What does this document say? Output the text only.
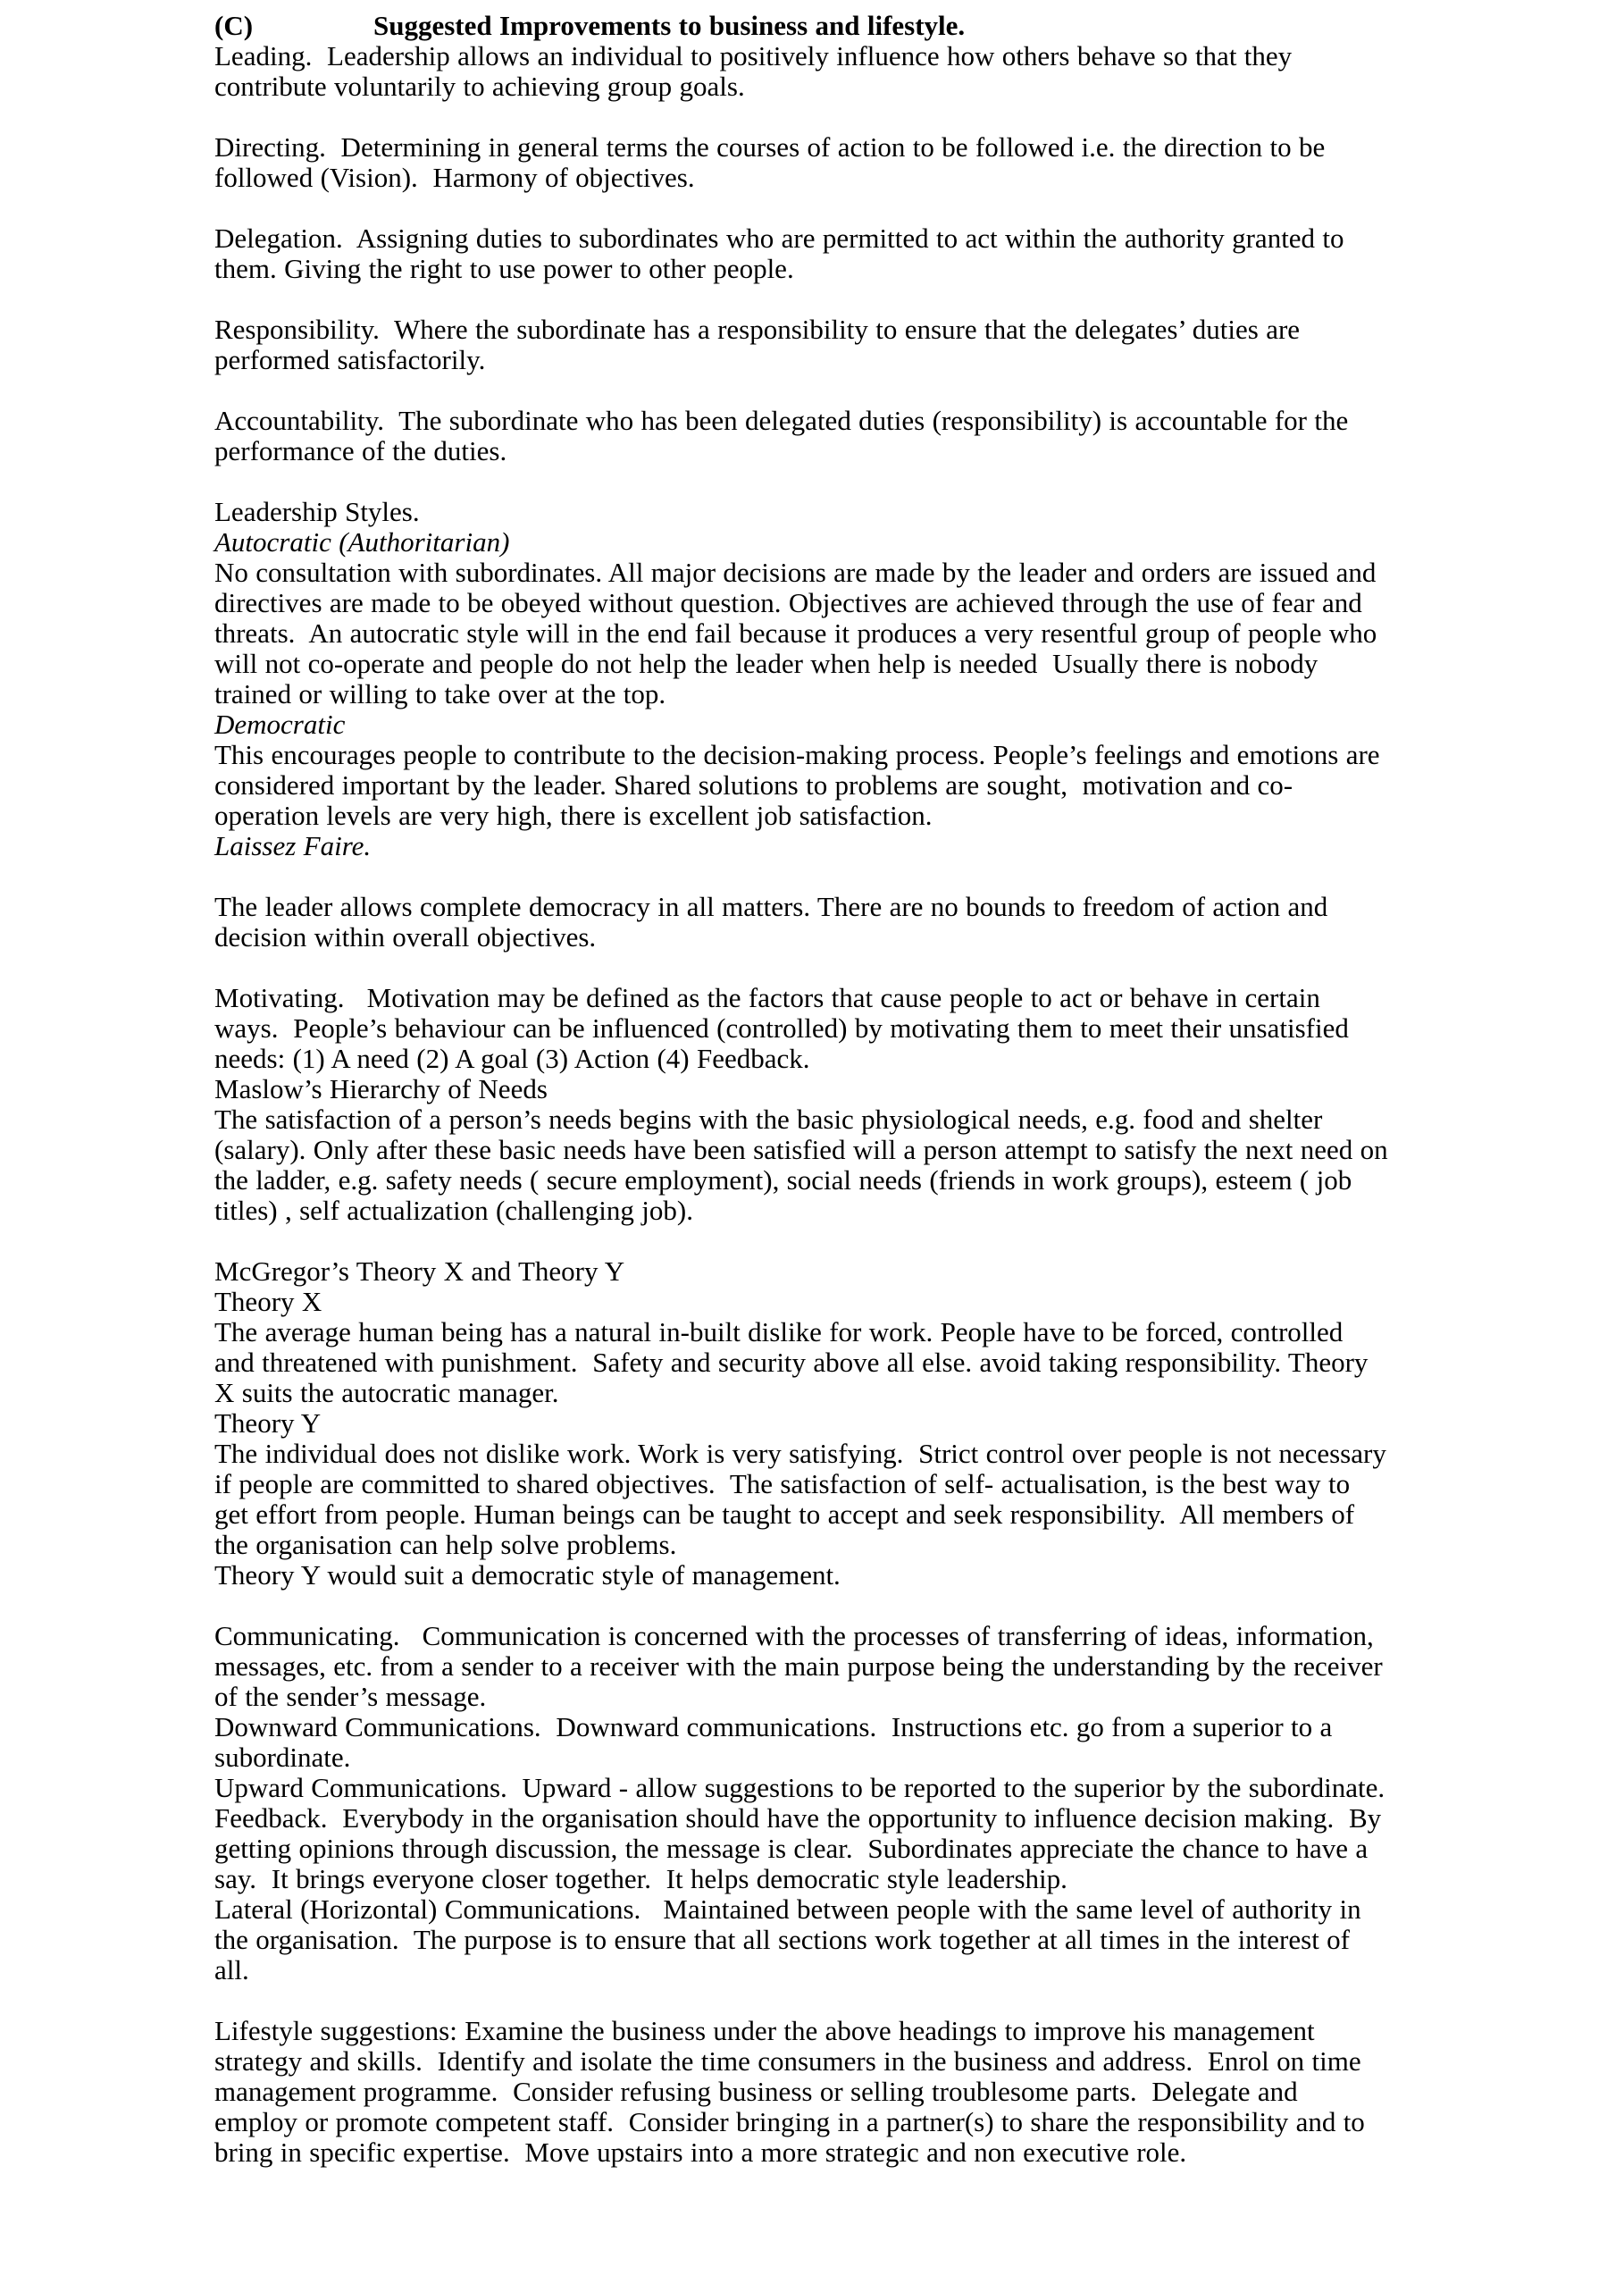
(C)	Suggested Improvements to business and lifestyle.

Leading.  Leadership allows an individual to positively influence how others behave so that they contribute voluntarily to achieving group goals.

Directing.  Determining in general terms the courses of action to be followed i.e. the direction to be followed (Vision).  Harmony of objectives.

Delegation.  Assigning duties to subordinates who are permitted to act within the authority granted to them. Giving the right to use power to other people.

Responsibility.  Where the subordinate has a responsibility to ensure that the delegates’ duties are performed satisfactorily.

Accountability.  The subordinate who has been delegated duties (responsibility) is accountable for the performance of the duties.

Leadership Styles.

Autocratic (Authoritarian)

No consultation with subordinates. All major decisions are made by the leader and orders are issued and directives are made to be obeyed without question. Objectives are achieved through the use of fear and threats.  An autocratic style will in the end fail because it produces a very resentful group of people who will not co-operate and people do not help the leader when help is needed  Usually there is nobody trained or willing to take over at the top.

Democratic

This encourages people to contribute to the decision-making process. People’s feelings and emotions are considered important by the leader. Shared solutions to problems are sought,  motivation and co-operation levels are very high, there is excellent job satisfaction.

Laissez Faire.

The leader allows complete democracy in all matters. There are no bounds to freedom of action and decision within overall objectives.

Motivating.   Motivation may be defined as the factors that cause people to act or behave in certain ways.  People’s behaviour can be influenced (controlled) by motivating them to meet their unsatisfied needs: (1) A need (2) A goal (3) Action (4) Feedback.

Maslow’s Hierarchy of Needs

The satisfaction of a person’s needs begins with the basic physiological needs, e.g. food and shelter (salary). Only after these basic needs have been satisfied will a person attempt to satisfy the next need on the ladder, e.g. safety needs ( secure employment), social needs (friends in work groups), esteem ( job titles) , self actualization (challenging job).

McGregor’s Theory X and Theory Y

Theory X

The average human being has a natural in-built dislike for work. People have to be forced, controlled and threatened with punishment.  Safety and security above all else. avoid taking responsibility. Theory X suits the autocratic manager.

Theory Y

The individual does not dislike work. Work is very satisfying.  Strict control over people is not necessary if people are committed to shared objectives.  The satisfaction of self- actualisation, is the best way to get effort from people. Human beings can be taught to accept and seek responsibility.  All members of the organisation can help solve problems.

Theory Y would suit a democratic style of management.

Communicating.   Communication is concerned with the processes of transferring of ideas, information, messages, etc. from a sender to a receiver with the main purpose being the understanding by the receiver of the sender’s message.

Downward Communications.  Downward communications.  Instructions etc. go from a superior to a subordinate.

Upward Communications.  Upward - allow suggestions to be reported to the superior by the subordinate.

Feedback.  Everybody in the organisation should have the opportunity to influence decision making.  By getting opinions through discussion, the message is clear.  Subordinates appreciate the chance to have a say.  It brings everyone closer together.  It helps democratic style leadership.

Lateral (Horizontal) Communications.   Maintained between people with the same level of authority in the organisation.  The purpose is to ensure that all sections work together at all times in the interest of all.

Lifestyle suggestions: Examine the business under the above headings to improve his management strategy and skills.  Identify and isolate the time consumers in the business and address.  Enrol on time management programme.  Consider refusing business or selling troublesome parts.  Delegate and employ or promote competent staff.  Consider bringing in a partner(s) to share the responsibility and to bring in specific expertise.  Move upstairs into a more strategic and non executive role.
